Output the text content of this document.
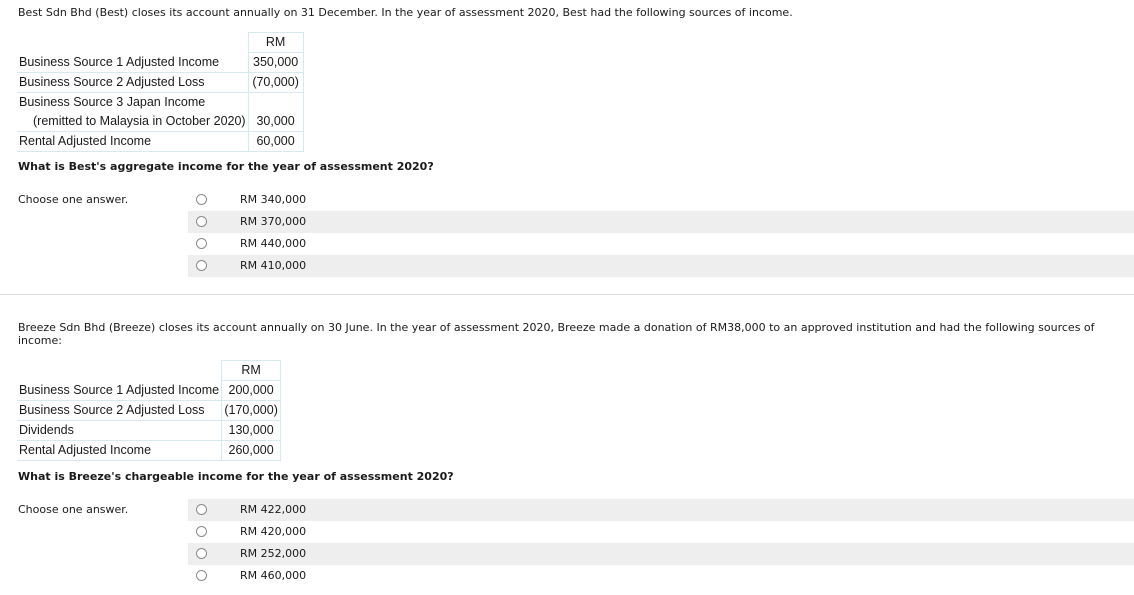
Best Sdn Bhd (Best) closes its account annually on 31 December. In the year of assessment 2020, Best had the following sources of income.
	RM
Business Source 1 Adjusted Income	350,000
Business Source 2 Adjusted Loss	(70,000)
Business Source 3 Japan Income	
(remitted to Malaysia in October 2020)	30,000
Rental Adjusted Income	60,000
What is Best's aggregate income for the year of assessment 2020?
Choose one answer.	RM 340,000
RM 370,000
RM 440,000
RM 410,000
Breeze Sdn Bhd (Breeze) closes its account annually on 30 June. In the year of assessment 2020, Breeze made a donation of RM38,000 to an approved institution and had the following sources of
income:
	RM
Business Source 1 Adjusted Income	200,000
Business Source 2 Adjusted Loss	(170,000)
Dividends	130,000
Rental Adjusted Income	260,000
What is Breeze's chargeable income for the year of assessment 2020?
Choose one answer.	RM 422,000
RM 420,000
RM 252,000
RM 460,000
